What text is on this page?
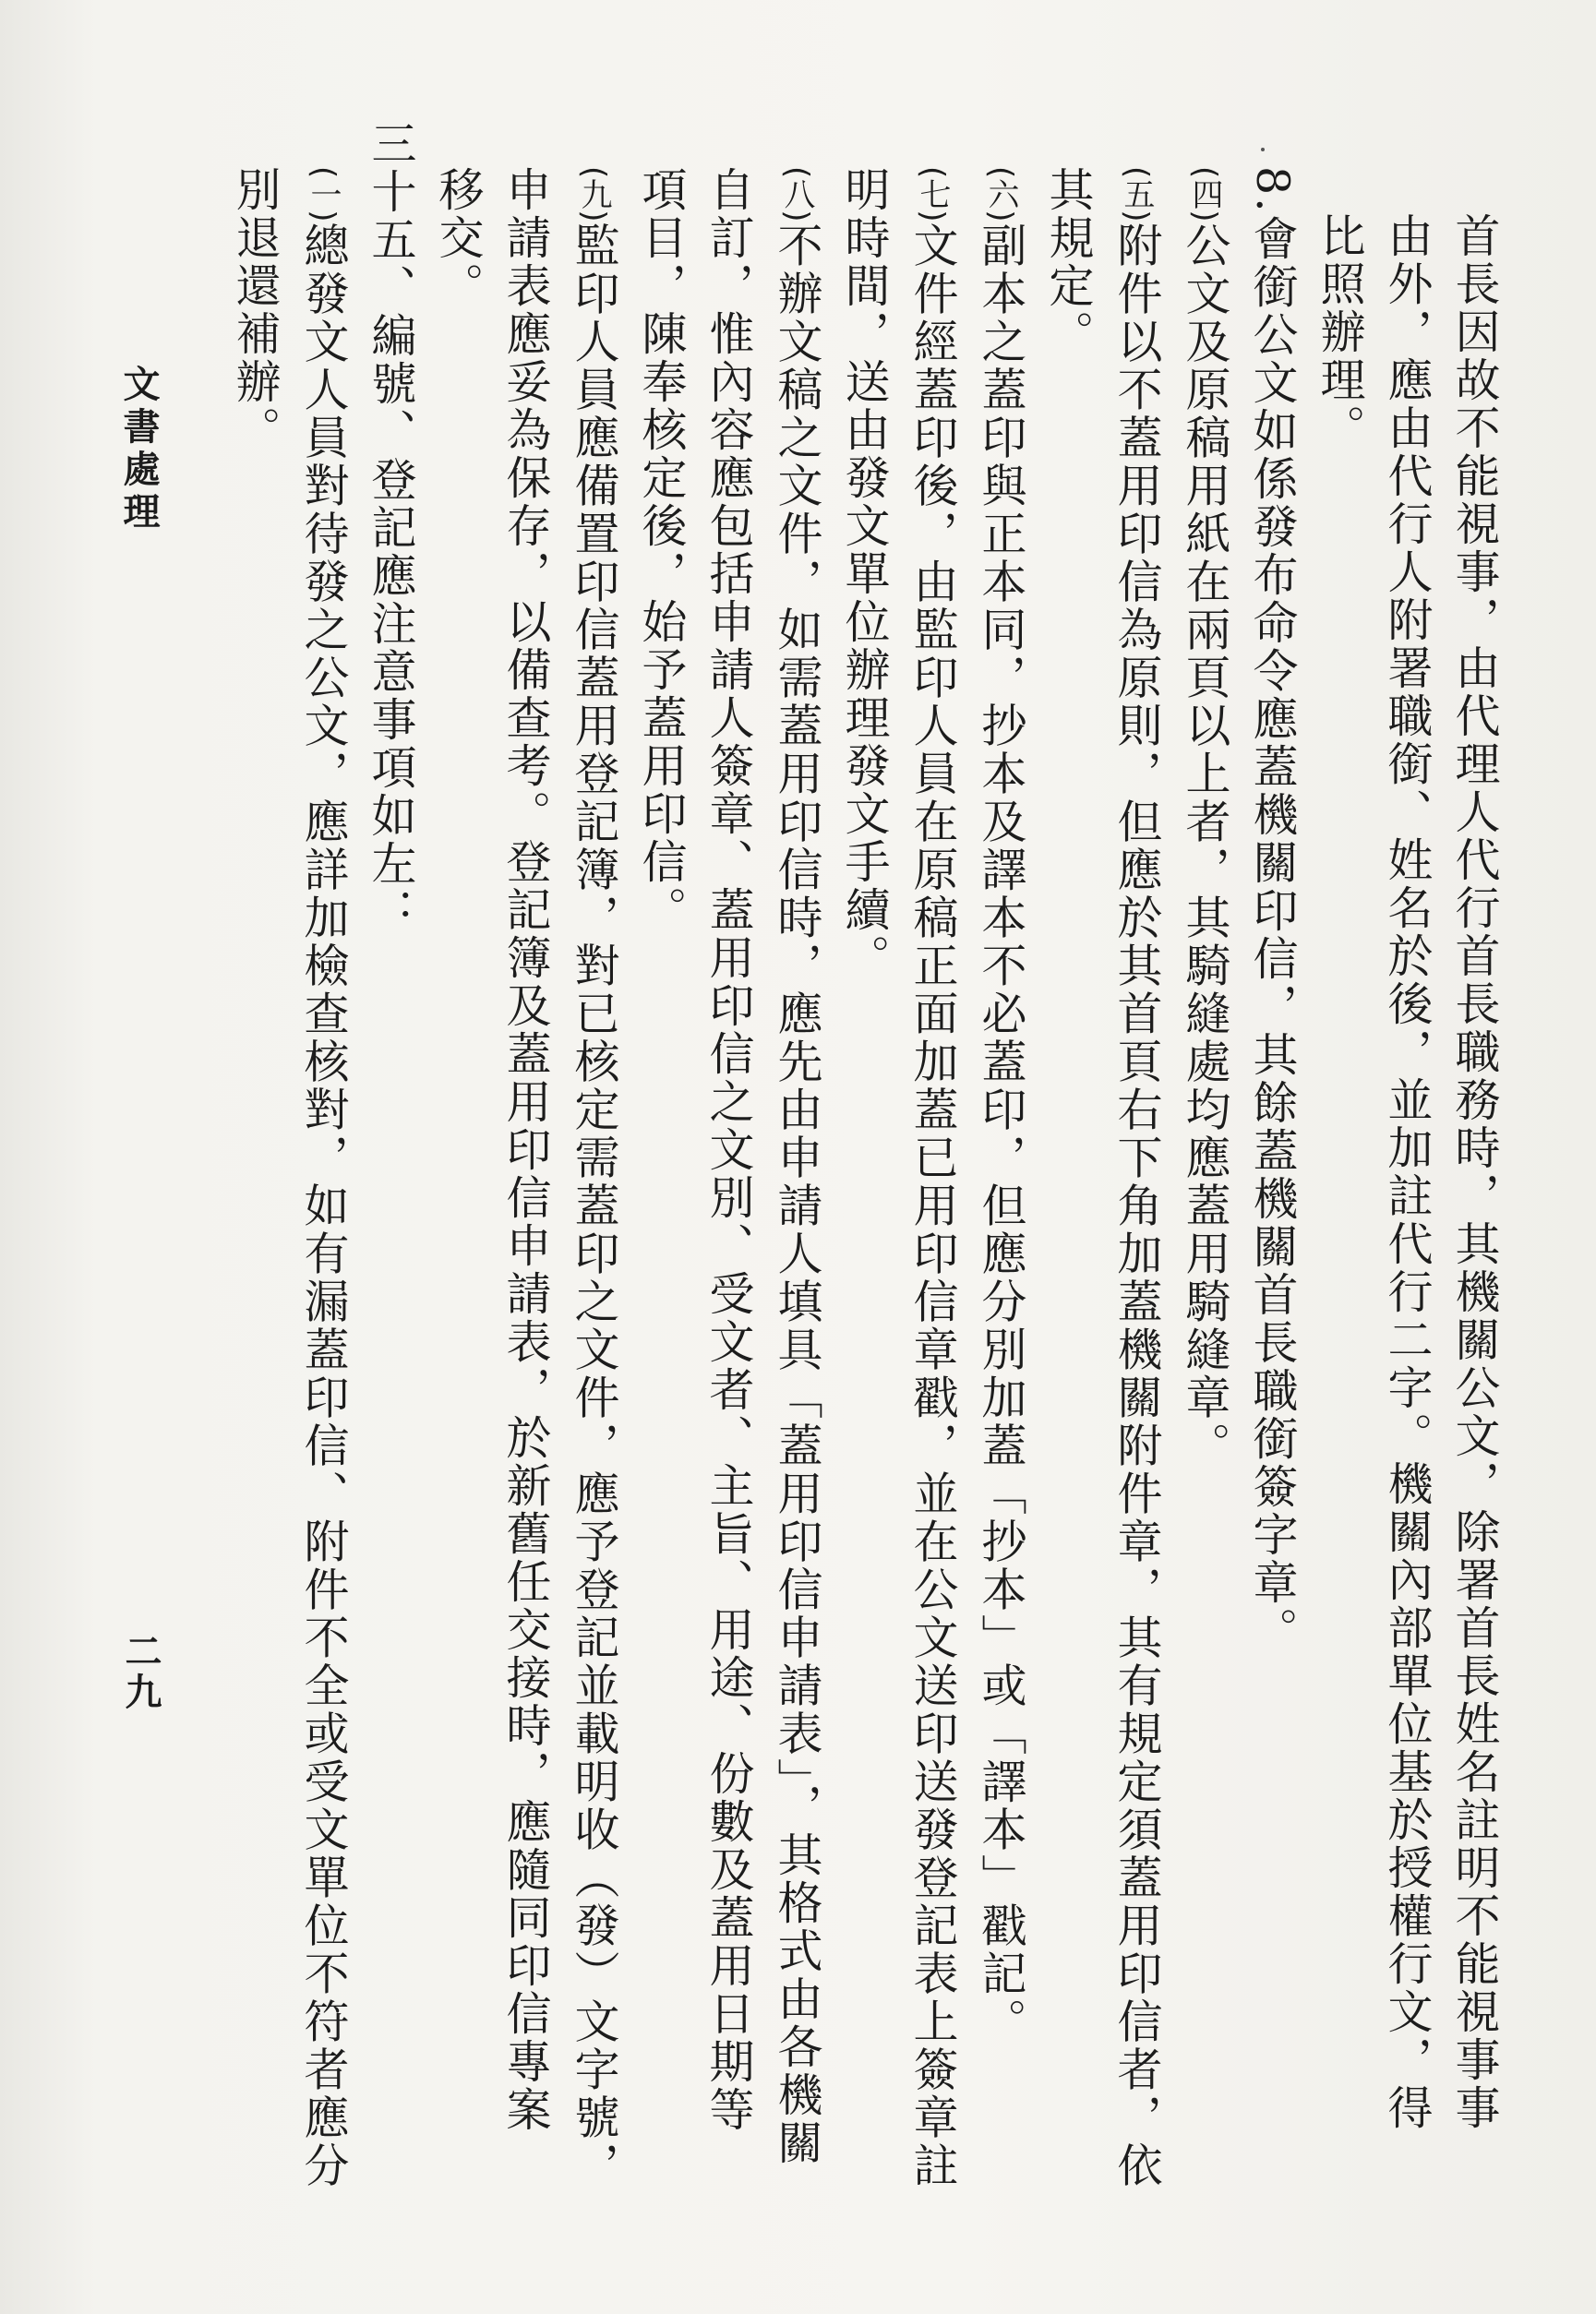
首長因故不能視事，由代理人代行首長職務時，其機關公文，除署首長姓名註明不能視事事

由外，應由代行人附署職銜、姓名於後，並加註代行二字。機關內部單位基於授權行文，得

比照辦理。

8.會銜公文如係發布命令應蓋機關印信，其餘蓋機關首長職銜簽字章。

(四)公文及原稿用紙在兩頁以上者，其騎縫處均應蓋用騎縫章。

(五)附件以不蓋用印信為原則，但應於其首頁右下角加蓋機關附件章，其有規定須蓋用印信者，依

其規定。

(六)副本之蓋印與正本同，抄本及譯本不必蓋印，但應分別加蓋「抄本」或「譯本」戳記。

(七)文件經蓋印後，由監印人員在原稿正面加蓋已用印信章戳，並在公文送印送發登記表上簽章註

明時間，送由發文單位辦理發文手續。

(八)不辦文稿之文件，如需蓋用印信時，應先由申請人填具「蓋用印信申請表」，其格式由各機關

自訂，惟內容應包括申請人簽章、蓋用印信之文別、受文者、主旨、用途、份數及蓋用日期等

項目，陳奉核定後，始予蓋用印信。

(九)監印人員應備置印信蓋用登記簿，對已核定需蓋印之文件，應予登記並載明收（發）文字號，

申請表應妥為保存，以備查考。登記簿及蓋用印信申請表，於新舊任交接時，應隨同印信專案

移交。

三十五、編號、登記應注意事項如左：

(一)總發文人員對待發之公文，應詳加檢查核對，如有漏蓋印信、附件不全或受文單位不符者應分

別退還補辦。

文書處理
二九
